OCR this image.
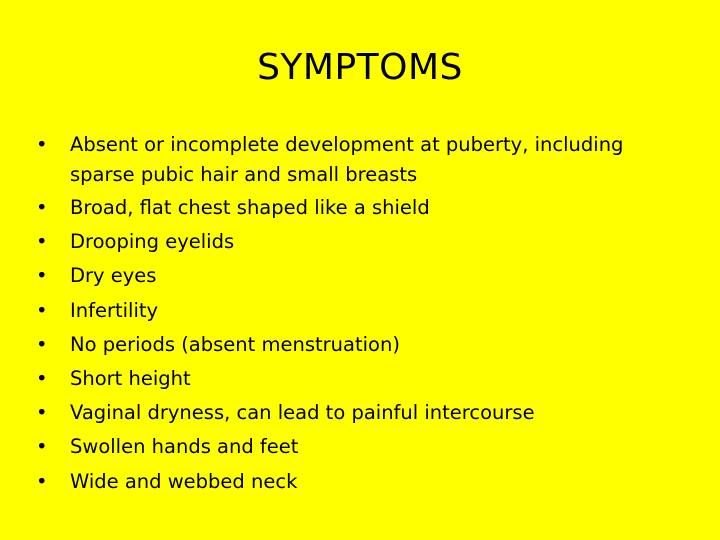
SYMPTOMS
• Absent or incomplete development at puberty, including sparse pubic hair and small breasts
• Broad, flat chest shaped like a shield
• Drooping eyelids
• Dry eyes
• Infertility
• No periods (absent menstruation)
• Short height
• Vaginal dryness, can lead to painful intercourse
• Swollen hands and feet
• Wide and webbed neck
